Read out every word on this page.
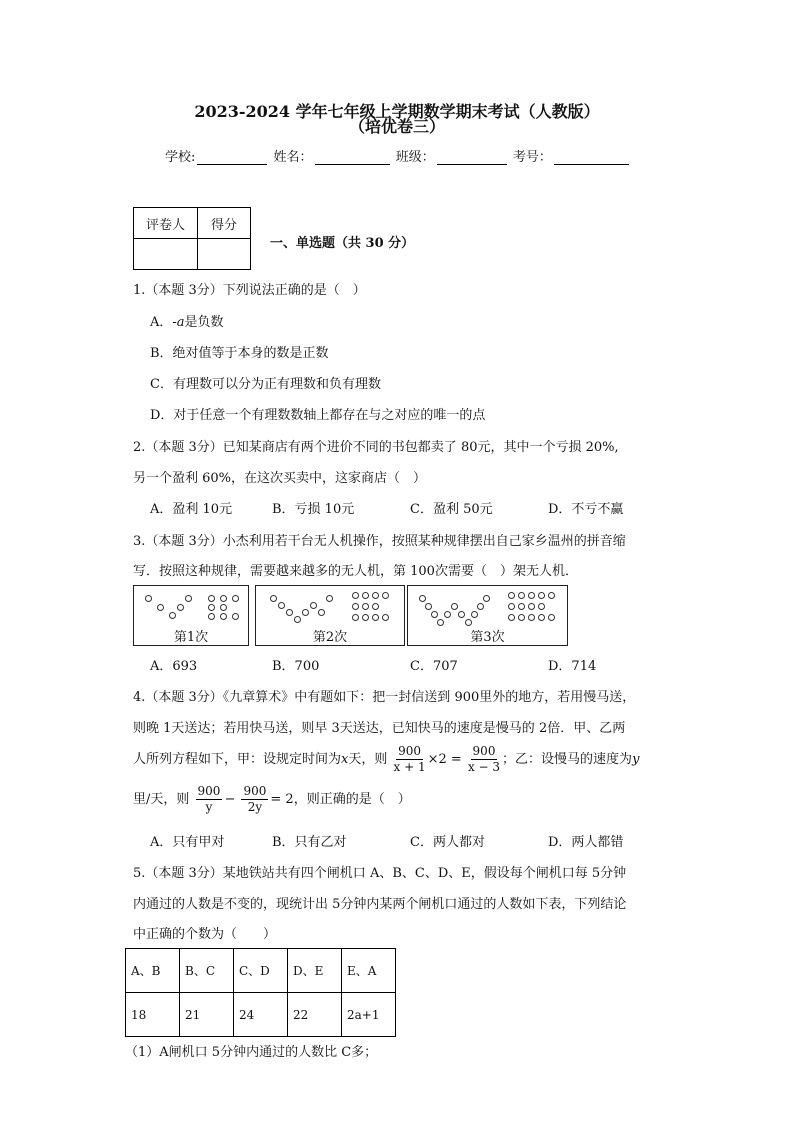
2023-2024 学年七年级上学期数学期末考试（人教版）
（培优卷三）
学校:	姓名：	班级：	考号：
评卷人	得分

一、单选题（共 30 分）
1.（本题 3分）下列说法正确的是（　）
A．-a是负数
B．绝对值等于本身的数是正数
C．有理数可以分为正有理数和负有理数
D．对于任意一个有理数数轴上都存在与之对应的唯一的点
2.（本题 3分）已知某商店有两个进价不同的书包都卖了 80元，其中一个亏损 20%,
另一个盈利 60%，在这次买卖中，这家商店（　）
A．盈利 10元	B．亏损 10元	C．盈利 50元	D．不亏不赢
3.（本题 3分）小杰利用若干台无人机操作，按照某种规律摆出自己家乡温州的拼音缩
写．按照这种规律，需要越来越多的无人机，第 100次需要（　）架无人机．
第1次	第2次	第3次
A．693	B．700	C．707	D．714
4.（本题 3分）《九章算术》中有题如下：把一封信送到 900里外的地方，若用慢马送，
则晚 1天送达；若用快马送，则早 3天送达，已知快马的速度是慢马的 2倍．甲、乙两
人所列方程如下，甲：设规定时间为x天，则 $\frac{900}{x + 1} \times 2 = \frac{900}{x - 3}$ ；乙：设慢马的速度为y
里/天，则 $\frac{900}{y} - \frac{900}{2y} = 2$，则正确的是（　）
A．只有甲对	B．只有乙对	C．两人都对	D．两人都错
5.（本题 3分）某地铁站共有四个闸机口 A、B、C、D、E，假设每个闸机口每 5分钟
内通过的人数是不变的，现统计出 5分钟内某两个闸机口通过的人数如下表，下列结论
中正确的个数为（　　）
A、B	B、C	C、D	D、E	E、A
18	21	24	22	2a+1
（1）A闸机口 5分钟内通过的人数比 C多；
